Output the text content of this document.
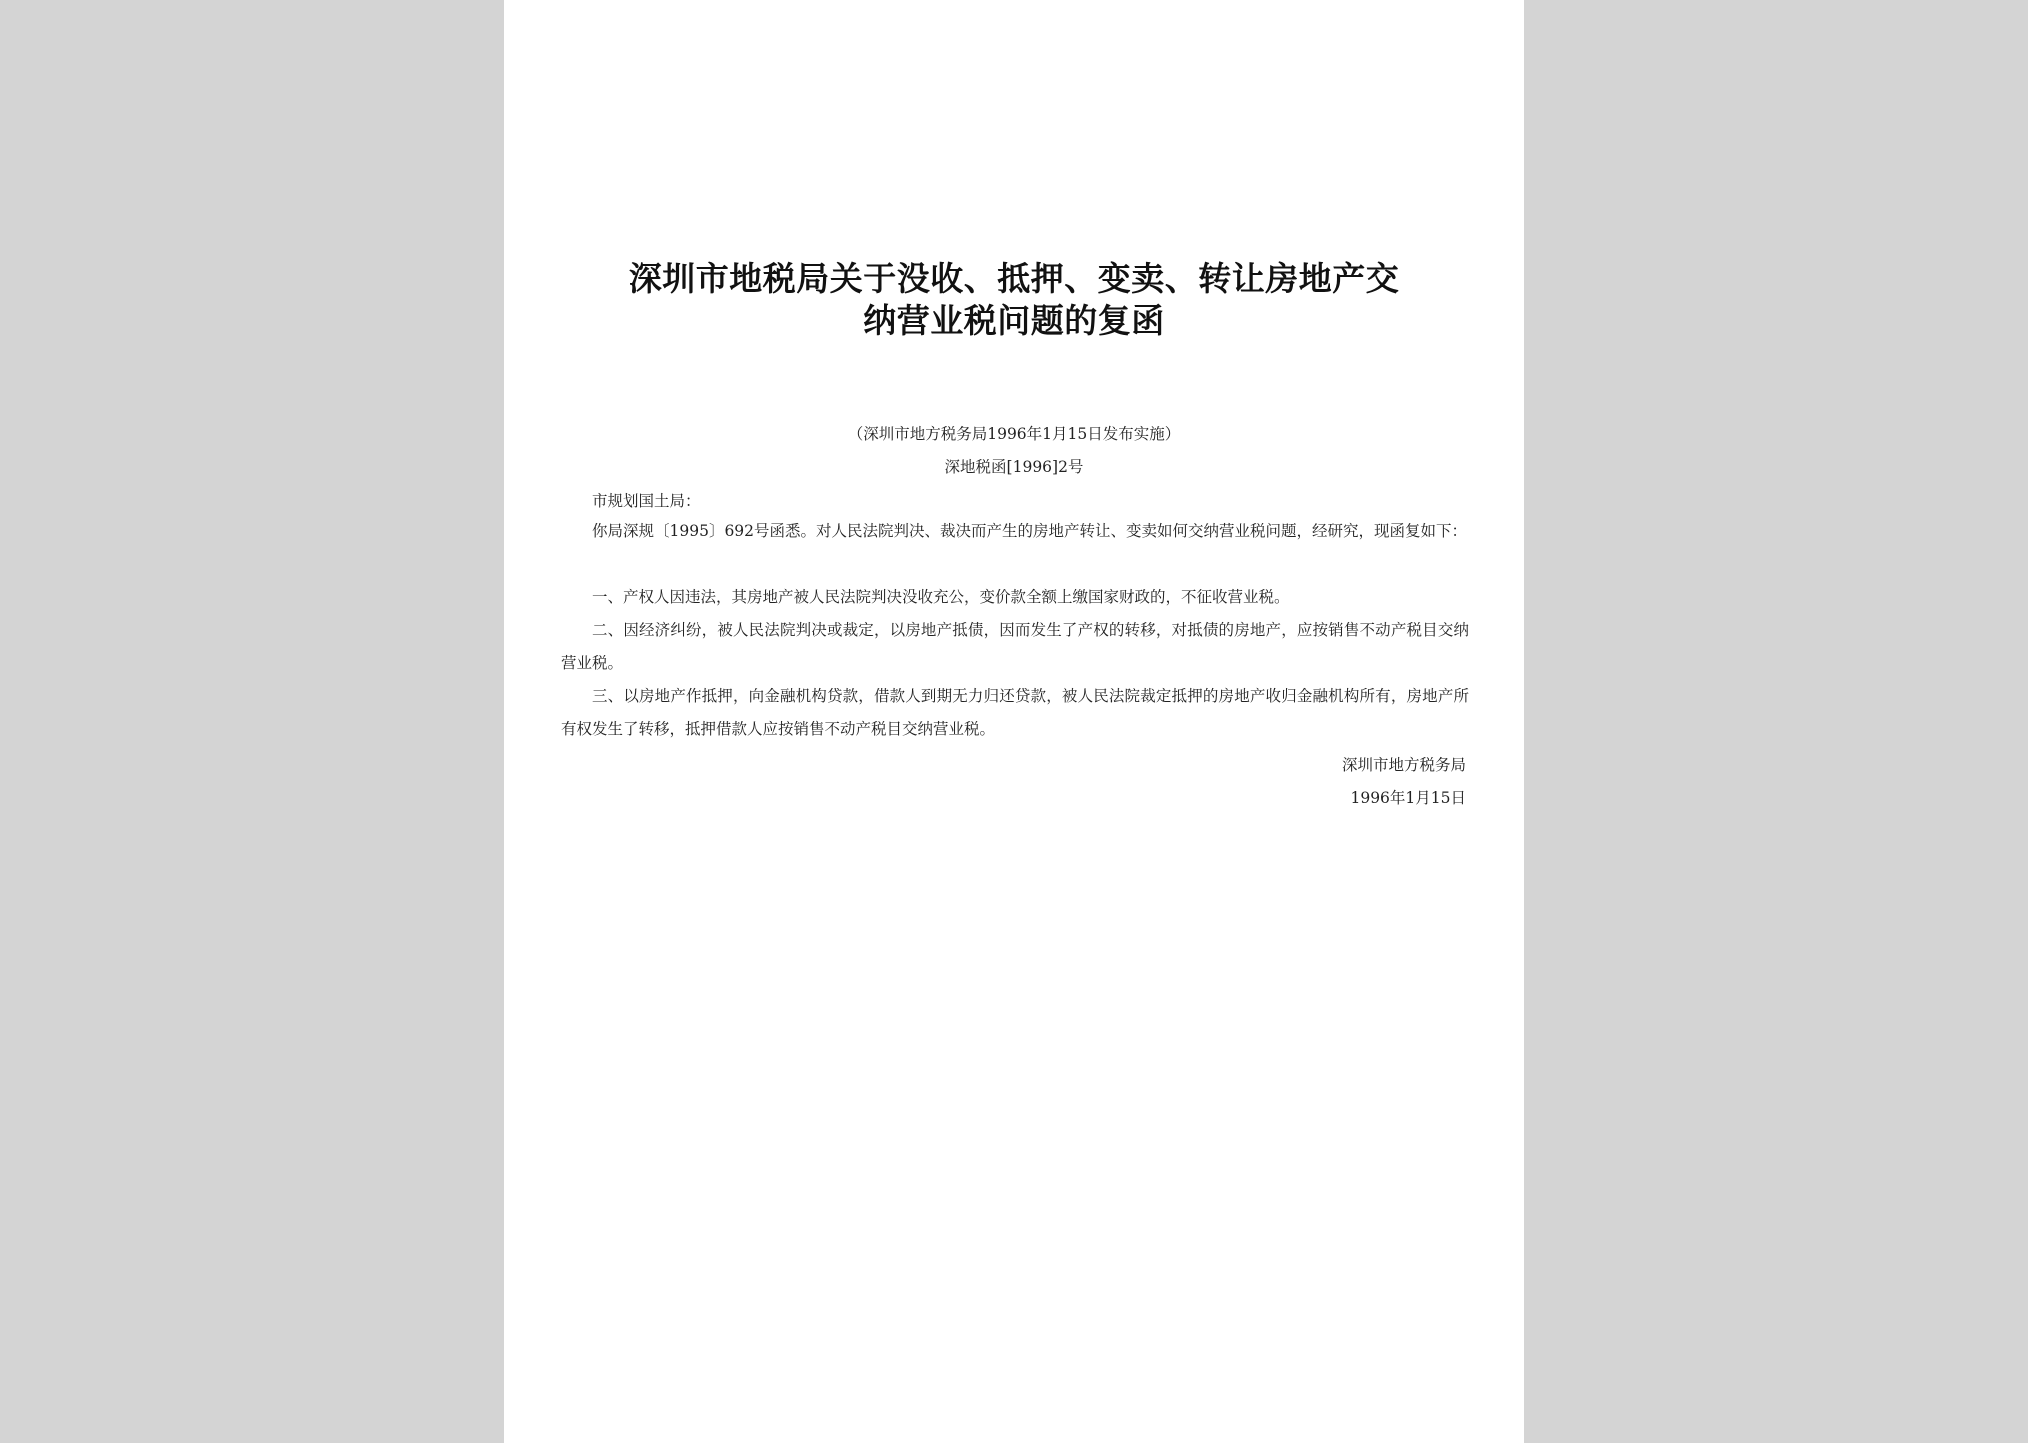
深圳市地税局关于没收、抵押、变卖、转让房地产交
纳营业税问题的复函
（深圳市地方税务局1996年1月15日发布实施）
深地税函[1996]2号
市规划国土局：
你局深规〔1995〕692号函悉。对人民法院判决、裁决而产生的房地产转让、变卖如何交纳营业税问题，经研究，现函复如下：
一、产权人因违法，其房地产被人民法院判决没收充公，变价款全额上缴国家财政的，不征收营业税。
二、因经济纠纷，被人民法院判决或裁定，以房地产抵债，因而发生了产权的转移，对抵债的房地产，应按销售不动产税目交纳营业税。
三、以房地产作抵押，向金融机构贷款，借款人到期无力归还贷款，被人民法院裁定抵押的房地产收归金融机构所有，房地产所有权发生了转移，抵押借款人应按销售不动产税目交纳营业税。
深圳市地方税务局
1996年1月15日
